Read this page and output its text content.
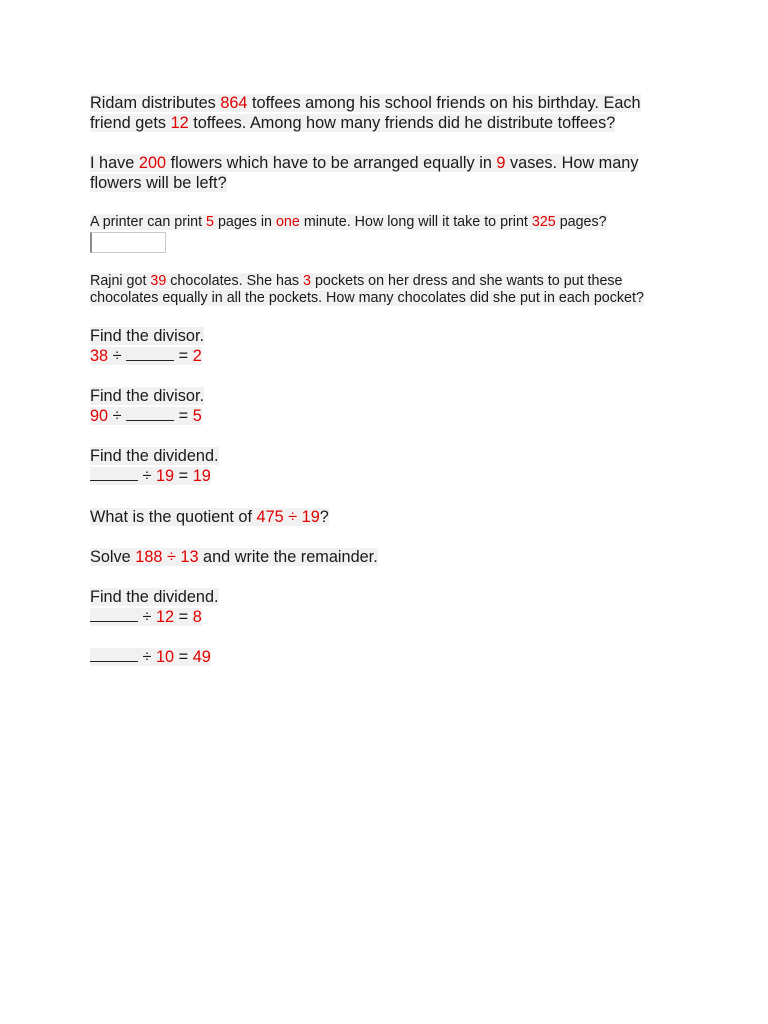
Ridam distributes 864 toffees among his school friends on his birthday. Each
friend gets 12 toffees. Among how many friends did he distribute toffees?
I have 200 flowers which have to be arranged equally in 9 vases. How many
flowers will be left?
A printer can print 5 pages in one minute. How long will it take to print 325 pages?
Rajni got 39 chocolates. She has 3 pockets on her dress and she wants to put these
chocolates equally in all the pockets. How many chocolates did she put in each pocket?
Find the divisor.
38 ÷	= 2
Find the divisor.
90 ÷	= 5
Find the dividend.
÷ 19 = 19
What is the quotient of 475 ÷ 19?
Solve 188 ÷ 13 and write the remainder.
Find the dividend.
÷ 12 = 8
÷ 10 = 49
